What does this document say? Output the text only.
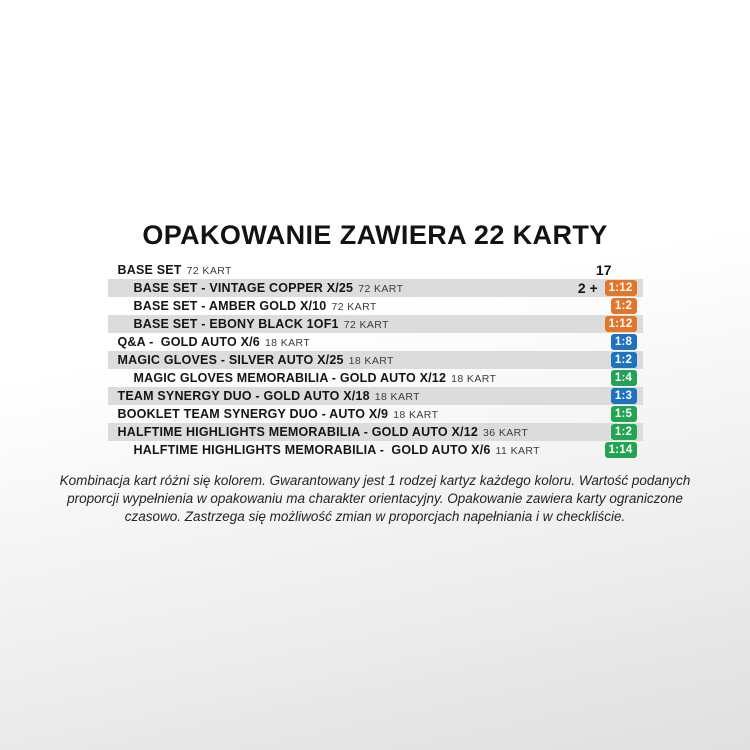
OPAKOWANIE ZAWIERA 22 KARTY
BASE SET 72 KART	17
BASE SET - VINTAGE COPPER X/25 72 KART	2 + 1:12
BASE SET - AMBER GOLD X/10 72 KART	1:2
BASE SET - EBONY BLACK 1OF1 72 KART	1:12
Q&A -  GOLD AUTO X/6 18 KART	1:8
MAGIC GLOVES - SILVER AUTO X/25 18 KART	1:2
MAGIC GLOVES MEMORABILIA - GOLD AUTO X/12 18 KART	1:4
TEAM SYNERGY DUO - GOLD AUTO X/18 18 KART	1:3
BOOKLET TEAM SYNERGY DUO - AUTO X/9 18 KART	1:5
HALFTIME HIGHLIGHTS MEMORABILIA - GOLD AUTO X/12 36 KART	1:2
HALFTIME HIGHLIGHTS MEMORABILIA -  GOLD AUTO X/6 11 KART	1:14

Kombinacja kart różni się kolorem. Gwarantowany jest 1 rodzej kartyz każdego koloru. Wartość podanych proporcji wypełnienia w opakowaniu ma charakter orientacyjny. Opakowanie zawiera karty ograniczone czasowo. Zastrzega się możliwość zmian w proporcjach napełniania i w checkliście.
